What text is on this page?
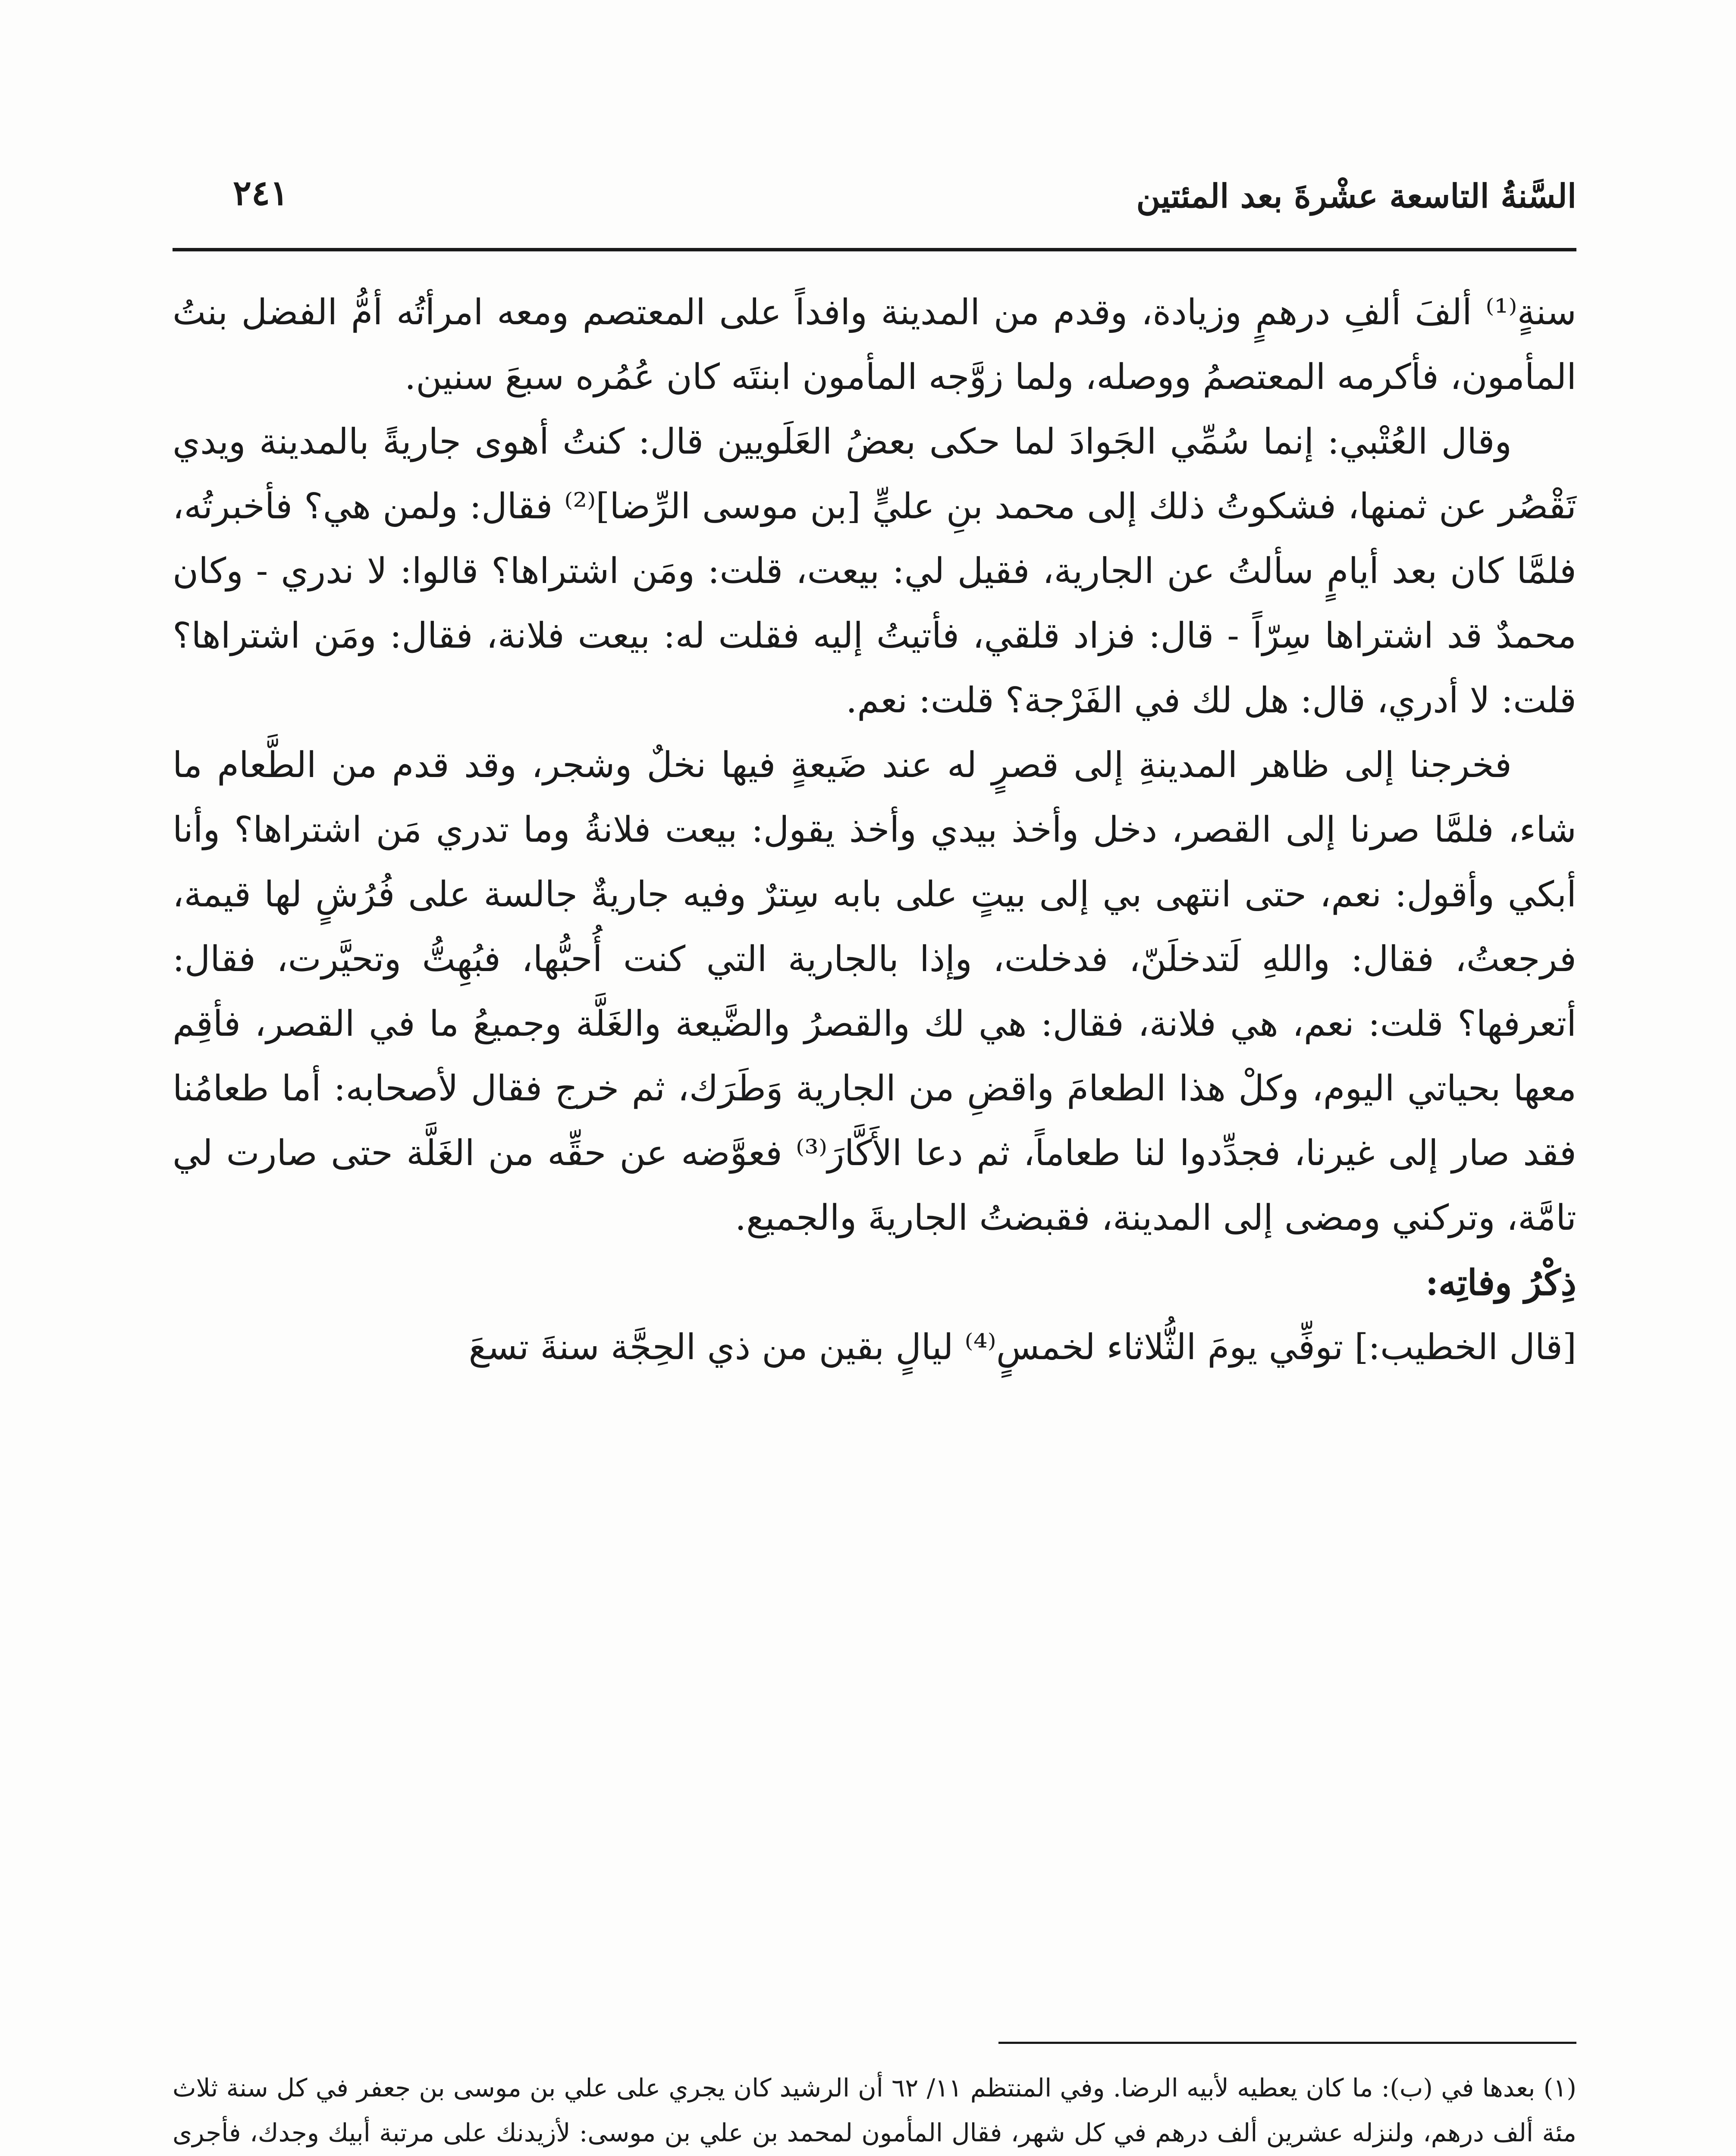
السَّنةُ التاسعة عشْرةَ بعد المئتين
٢٤١

سنةٍ⁽¹⁾ ألفَ ألفِ درهمٍ وزيادة، وقدم من المدينة وافداً على المعتصم ومعه امرأتُه أمُّ الفضل بنتُ المأمون، فأكرمه المعتصمُ ووصله، ولما زوَّجه المأمون ابنتَه كان عُمُره سبعَ سنين.

وقال العُتْبي: إنما سُمِّي الجَوادَ لما حكى بعضُ العَلَويين قال: كنتُ أهوى جاريةً بالمدينة ويدي تَقْصُر عن ثمنها، فشكوتُ ذلك إلى محمد بنِ عليٍّ [بن موسى الرِّضا]⁽²⁾ فقال: ولمن هي؟ فأخبرتُه، فلمَّا كان بعد أيامٍ سألتُ عن الجارية، فقيل لي: بيعت، قلت: ومَن اشتراها؟ قالوا: لا ندري - وكان محمدٌ قد اشتراها سِرّاً - قال: فزاد قلقي، فأتيتُ إليه فقلت له: بيعت فلانة، فقال: ومَن اشتراها؟ قلت: لا أدري، قال: هل لك في الفَرْجة؟ قلت: نعم.

فخرجنا إلى ظاهر المدينةِ إلى قصرٍ له عند ضَيعةٍ فيها نخلٌ وشجر، وقد قدم من الطَّعام ما شاء، فلمَّا صرنا إلى القصر، دخل وأخذ بيدي وأخذ يقول: بيعت فلانةُ وما تدري مَن اشتراها؟ وأنا أبكي وأقول: نعم، حتى انتهى بي إلى بيتٍ على بابه سِترٌ وفيه جاريةٌ جالسة على فُرُشٍ لها قيمة، فرجعتُ، فقال: واللهِ لَتدخلَنّ، فدخلت، وإذا بالجارية التي كنت أُحبُّها، فبُهِتُّ وتحيَّرت، فقال: أتعرفها؟ قلت: نعم، هي فلانة، فقال: هي لك والقصرُ والضَّيعة والغَلَّة وجميعُ ما في القصر، فأقِم معها بحياتي اليوم، وكلْ هذا الطعامَ واقضِ من الجارية وَطَرَك، ثم خرج فقال لأصحابه: أما طعامُنا فقد صار إلى غيرنا، فجدِّدوا لنا طعاماً، ثم دعا الأَكَّارَ⁽³⁾ فعوَّضه عن حقِّه من الغَلَّة حتى صارت لي تامَّة، وتركني ومضى إلى المدينة، فقبضتُ الجاريةَ والجميع.

ذِكْرُ وفاتِه:

[قال الخطيب:] توفِّي يومَ الثُّلاثاء لخمسٍ⁽⁴⁾ ليالٍ بقين من ذي الحِجَّة سنةَ تسعَ

(١) بعدها في (ب): ما كان يعطيه لأبيه الرضا. وفي المنتظم ١١/ ٦٢ أن الرشيد كان يجري على علي بن موسى بن جعفر في كل سنة ثلاث مئة ألف درهم، ولنزله عشرين ألف درهم في كل شهر، فقال المأمون لمحمد بن علي بن موسى: لأزيدنك على مرتبة أبيك وجدك، فأجرى
